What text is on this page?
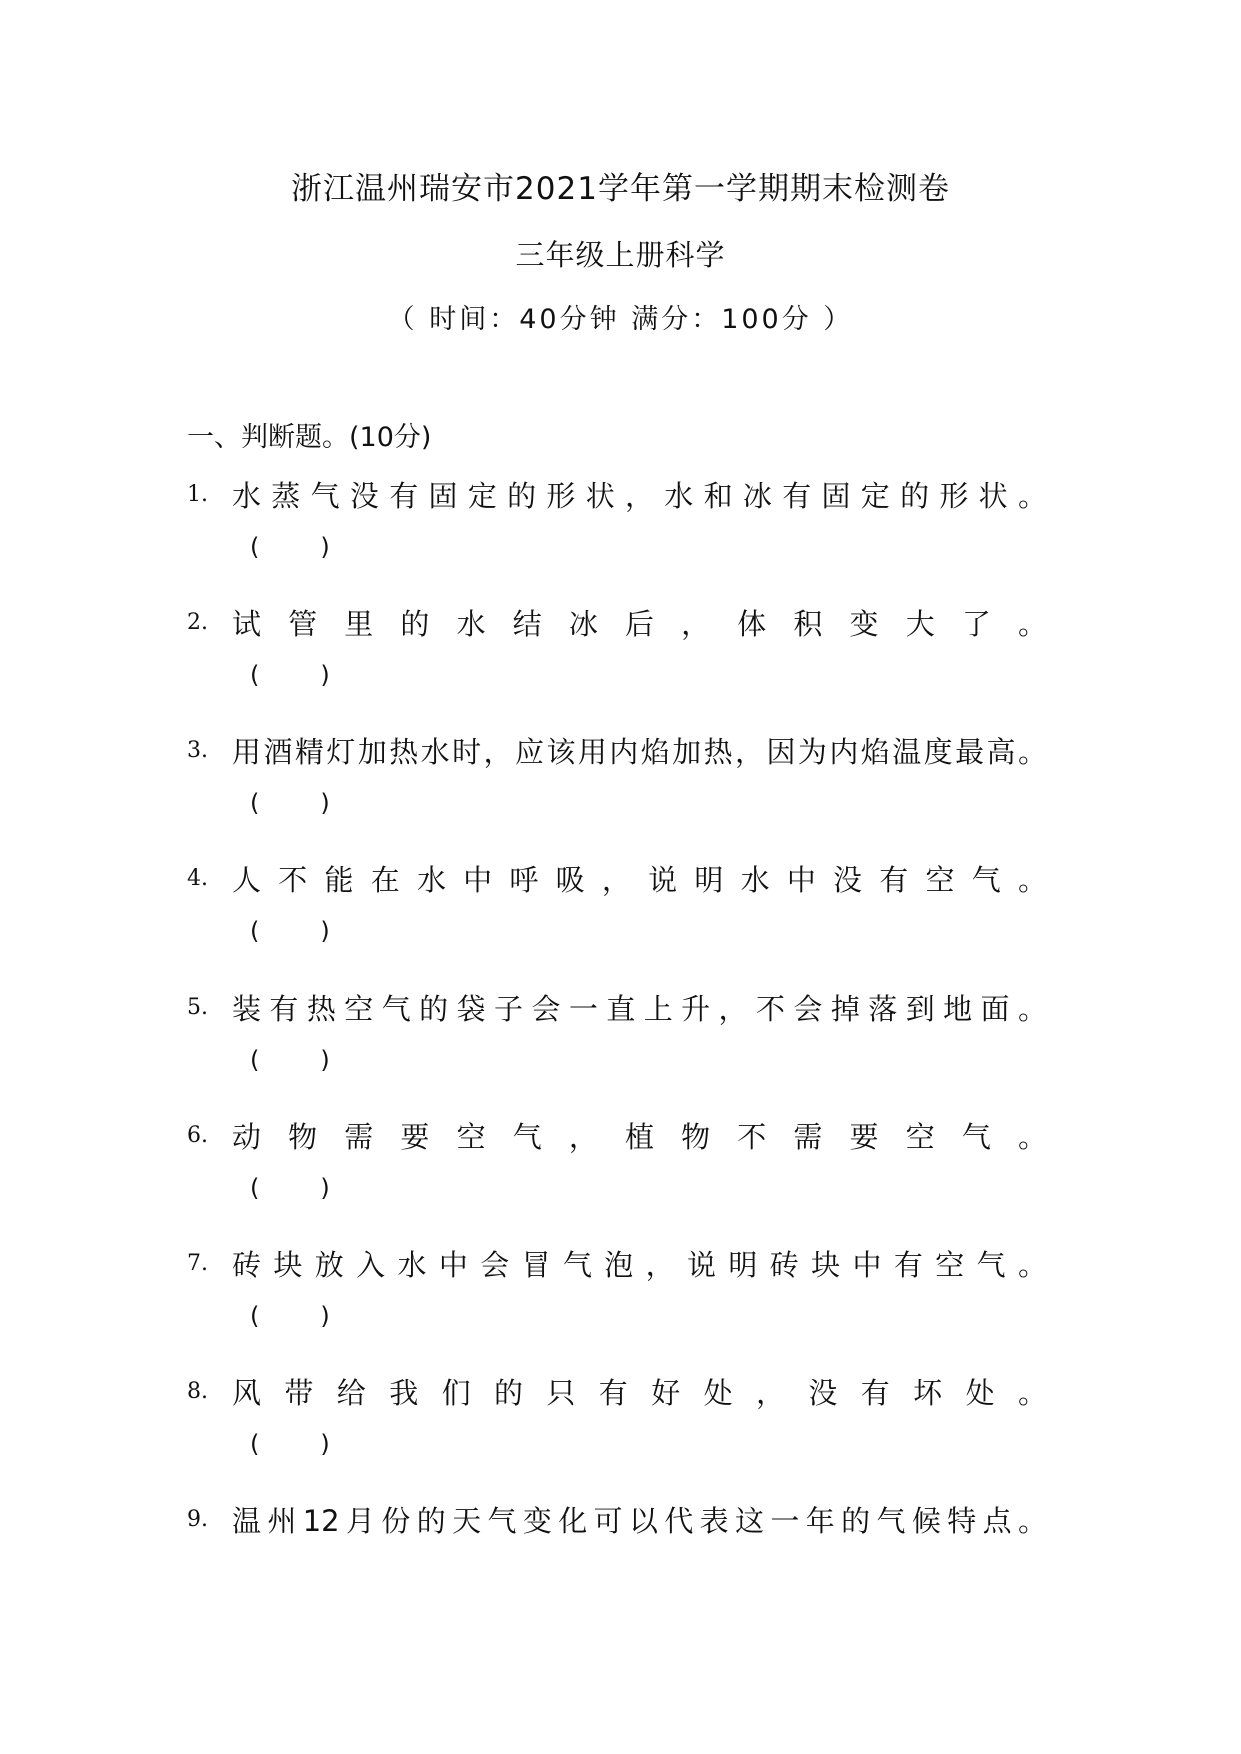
浙江温州瑞安市2021学年第一学期期末检测卷
三年级上册科学
（ 时间：40分钟 满分：100分 ）
一、判断题。(10分)
1. 水蒸气没有固定的形状，水和冰有固定的形状。
(        )
2. 试管里的水结冰后，体积变大了。
(        )
3. 用酒精灯加热水时，应该用内焰加热，因为内焰温度最高。
(        )
4. 人不能在水中呼吸，说明水中没有空气。
(        )
5. 装有热空气的袋子会一直上升，不会掉落到地面。
(        )
6. 动物需要空气，植物不需要空气。
(        )
7. 砖块放入水中会冒气泡，说明砖块中有空气。
(        )
8. 风带给我们的只有好处，没有坏处。
(        )
9. 温州12月份的天气变化可以代表这一年的气候特点。
